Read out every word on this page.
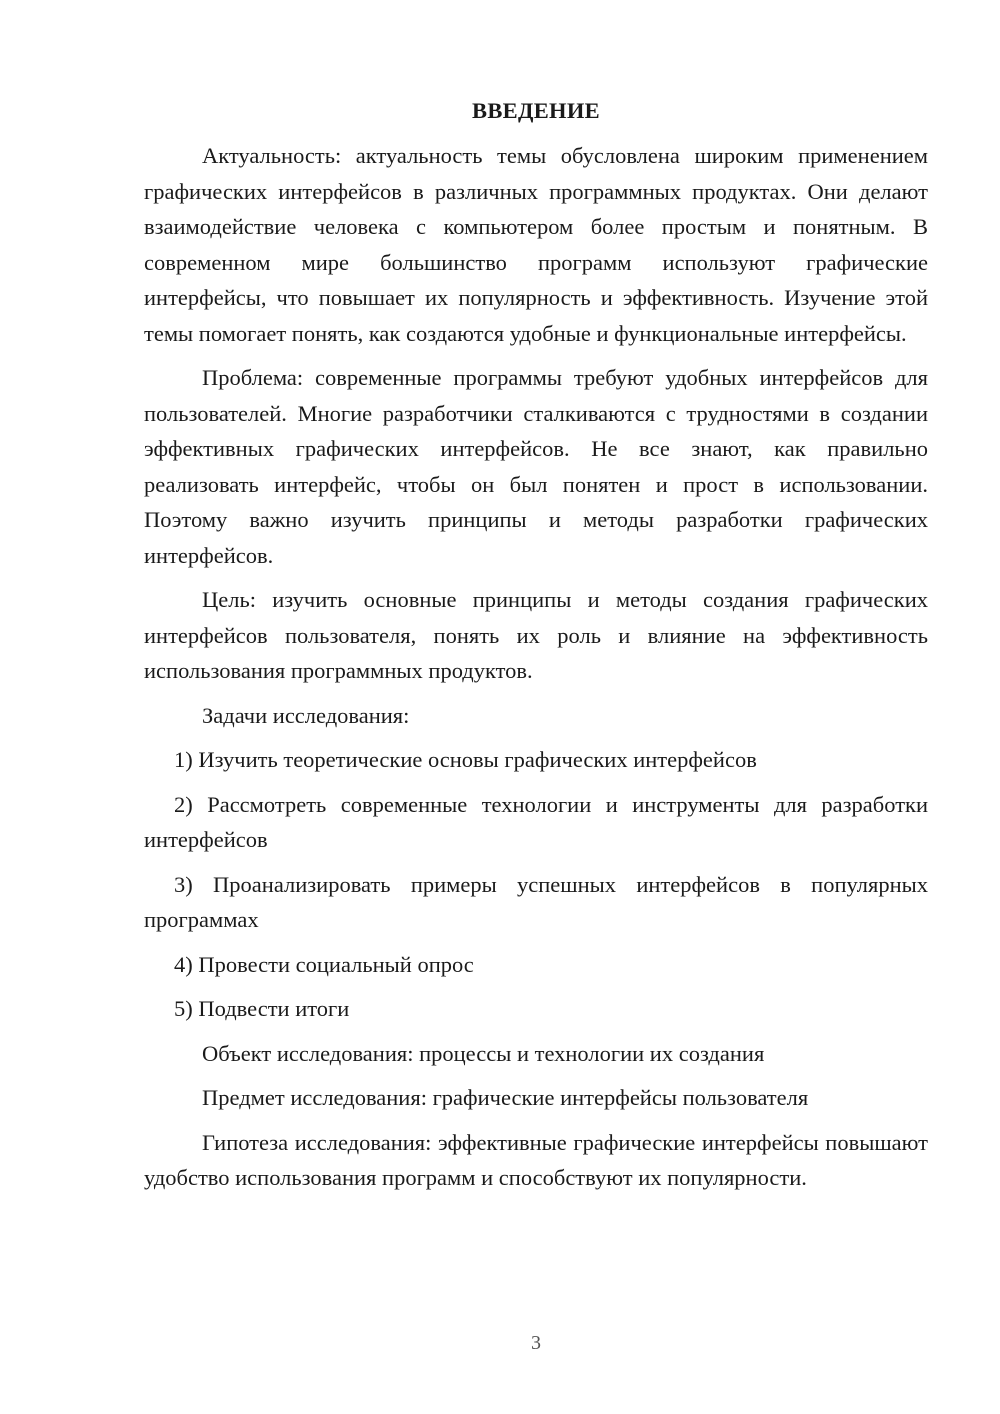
ВВЕДЕНИЕ

Актуальность: актуальность темы обусловлена широким применением графических интерфейсов в различных программных продуктах. Они делают взаимодействие человека с компьютером более простым и понятным. В современном мире большинство программ используют графические интерфейсы, что повышает их популярность и эффективность. Изучение этой темы помогает понять, как создаются удобные и функциональные интерфейсы.

Проблема: современные программы требуют удобных интерфейсов для пользователей. Многие разработчики сталкиваются с трудностями в создании эффективных графических интерфейсов. Не все знают, как правильно реализовать интерфейс, чтобы он был понятен и прост в использовании. Поэтому важно изучить принципы и методы разработки графических интерфейсов.

Цель: изучить основные принципы и методы создания графических интерфейсов пользователя, понять их роль и влияние на эффективность использования программных продуктов.

Задачи исследования:

1) Изучить теоретические основы графических интерфейсов

2) Рассмотреть современные технологии и инструменты для разработки интерфейсов

3) Проанализировать примеры успешных интерфейсов в популярных программах

4) Провести социальный опрос

5) Подвести итоги

Объект исследования: процессы и технологии их создания

Предмет исследования: графические интерфейсы пользователя

Гипотеза исследования: эффективные графические интерфейсы повышают удобство использования программ и способствуют их популярности.

3
